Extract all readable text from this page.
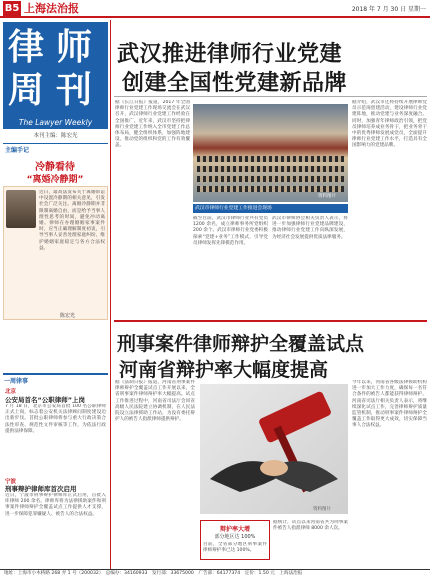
B5 上海法治报	2018 年 7 月 30 日 星期一
律 师
周 刊
The Lawyer Weekly
本刊主编：陈宏光
主编手记
冷静看待
“离婚冷静期”
近日，最高法发布关于离婚诉讼中设置冷静期的相关意见，引发社会广泛关注。离婚冷静期并非限制离婚自由，而是给予当事人理性思考的时间，避免冲动离婚。律师在办理婚姻家事案件时，应当正确理解制度初衷，引导当事人妥善处理家庭纠纷，维护婚姻家庭稳定与各方合法权益。
陈宏光
一周律事
北京
公安局首名“公职律师”上岗
7 月 18 日，北京市公安局首批 100 名公职律师正式上岗，标志着公安机关法律顾问制度建设迈出新步伐。首批公职律师将参与重大行政决策合法性审查、规范性文件审核等工作，为依法行政提供法律保障。
宁波
刑事辩护律师库首次启用
近日，宁波市刑事辩护律师库正式启用，首批入库律师 200 余名。律师库将为法律援助案件和刑事案件律师辩护全覆盖试点工作提供人才支撑，进一步保障犯罪嫌疑人、被告人的合法权益。
武汉推进律师行业党建
创建全国性党建新品牌
据《长江日报》报道，2017 年全国律师行业党建工作现场交流会在武汉召开，武汉律师行业党建工作经验在全国推广。近年来，武汉市坚持把律师行业党建工作纳入全市党建工作总体布局，健全组织体系，加强阵地建设，推动党的组织和党的工作有效覆盖。
资料图片
武汉市律师行业党建工作推进会现场
截至目前，武汉市律师行业共有党员 1200 余名，成立律师事务所党组织 200 余个。武汉市律师行业党委积极探索“党建+业务”工作模式，引导党员律师发挥先锋模范作用。
武汉市律师协会相关负责人表示，将进一步加强律师行业党建品牌建设，推动律师行业党建工作向纵深发展，为经济社会发展提供优质法律服务。
据介绍，武汉市还将持续开展律师党员示范岗创建活动，建设律师行业党建阵地，推动党建与业务深度融合。同时，加强青年律师政治引领，把党员律师培养成业务骨干，把业务骨干中的优秀律师发展成党员，全面提升律师行业党建工作水平，打造具有全国影响力的党建品牌。
刑事案件律师辩护全覆盖试点
河南省辩护率大幅度提高
据《法制日报》报道，河南省刑事案件律师辩护全覆盖试点工作开展以来，全省刑事案件律师辩护率大幅提高。试点工作推进过程中，河南省司法厅会同省高级人民法院建立协调机制，在人民法院设立法律援助工作站，为没有委托辩护人的被告人指派律师提供辩护。
资料图片
辩护率大增
部分地区达 100%
目前，全省部分地区刑事案件律师辩护率已达 100%。
据统计，试点以来河南省共为刑事案件被告人指派律师 8000 余人次。
今年以来，河南省各级法律援助机构进一步加大工作力度，确保每一名符合条件的被告人都能获得律师辩护。河南省司法厅相关负责人表示，将继续深化试点工作，完善律师辩护质量监管机制，推动刑事案件律师辩护全覆盖工作取得更大成效，切实保障当事人合法权益。
地址：上海市小木桥路 268 弄 1 号（200032）　总编办：34160933　发行部：33675000　广告部：64177374　定价：1.50 元　上海法治报
